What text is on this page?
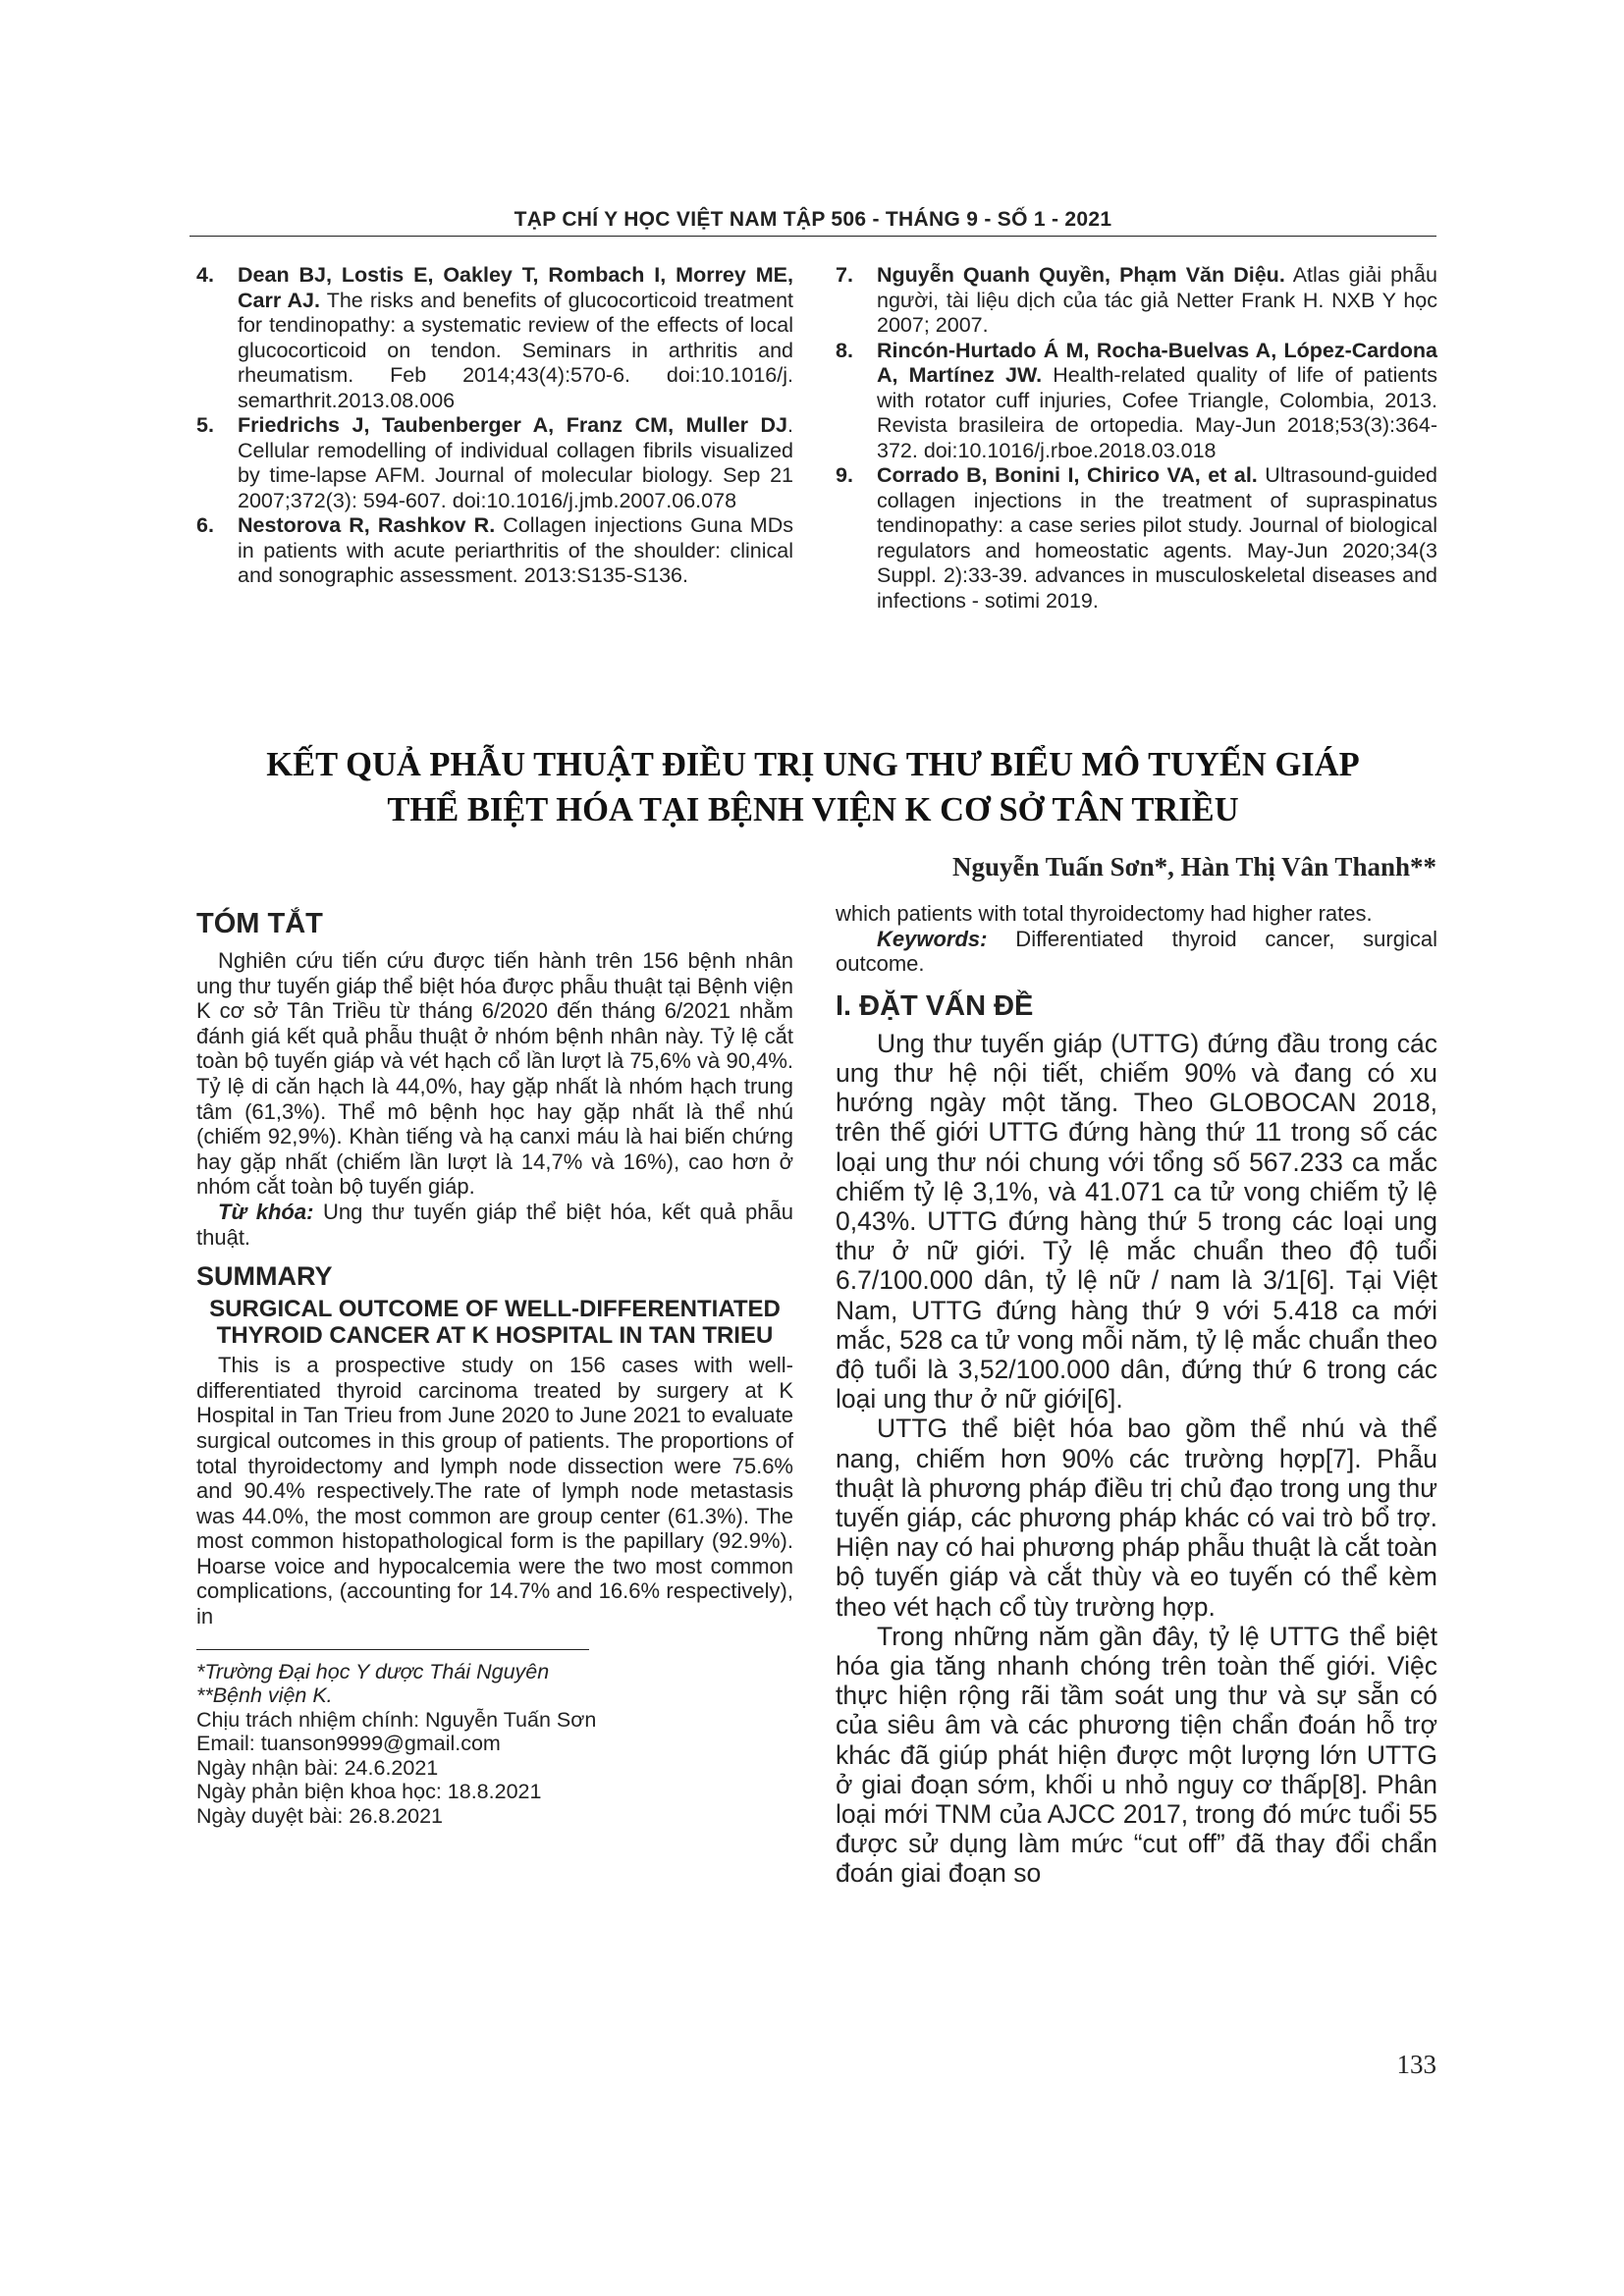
TẠP CHÍ Y HỌC VIỆT NAM TẬP 506 - THÁNG 9 - SỐ 1 - 2021
4.	Dean BJ, Lostis E, Oakley T, Rombach I, Morrey ME, Carr AJ. The risks and benefits of glucocorticoid treatment for tendinopathy: a systematic review of the effects of local glucocorticoid on tendon. Seminars in arthritis and rheumatism. Feb 2014;43(4):570-6. doi:10.1016/j. semarthrit.2013.08.006
5.	Friedrichs J, Taubenberger A, Franz CM, Muller DJ. Cellular remodelling of individual collagen fibrils visualized by time-lapse AFM. Journal of molecular biology. Sep 21 2007;372(3): 594-607. doi:10.1016/j.jmb.2007.06.078
6.	Nestorova R, Rashkov R. Collagen injections Guna MDs in patients with acute periarthritis of the shoulder: clinical and sonographic assessment. 2013:S135-S136.
7.	Nguyễn Quanh Quyền, Phạm Văn Diệu. Atlas giải phẫu người, tài liệu dịch của tác giả Netter Frank H. NXB Y học 2007; 2007.
8.	Rincón-Hurtado Á M, Rocha-Buelvas A, López-Cardona A, Martínez JW. Health-related quality of life of patients with rotator cuff injuries, Cofee Triangle, Colombia, 2013. Revista brasileira de ortopedia. May-Jun 2018;53(3):364-372. doi:10.1016/j.rboe.2018.03.018
9.	Corrado B, Bonini I, Chirico VA, et al. Ultrasound-guided collagen injections in the treatment of supraspinatus tendinopathy: a case series pilot study. Journal of biological regulators and homeostatic agents. May-Jun 2020;34(3 Suppl. 2):33-39. advances in musculoskeletal diseases and infections - sotimi 2019.
KẾT QUẢ PHẪU THUẬT ĐIỀU TRỊ UNG THƯ BIỂU MÔ TUYẾN GIÁP
THỂ BIỆT HÓA TẠI BỆNH VIỆN K CƠ SỞ TÂN TRIỀU
Nguyễn Tuấn Sơn*, Hàn Thị Vân Thanh**
TÓM TẮT

Nghiên cứu tiến cứu được tiến hành trên 156 bệnh nhân ung thư tuyến giáp thể biệt hóa được phẫu thuật tại Bệnh viện K cơ sở Tân Triều từ tháng 6/2020 đến tháng 6/2021 nhằm đánh giá kết quả phẫu thuật ở nhóm bệnh nhân này. Tỷ lệ cắt toàn bộ tuyến giáp và vét hạch cổ lần lượt là 75,6% và 90,4%. Tỷ lệ di căn hạch là 44,0%, hay gặp nhất là nhóm hạch trung tâm (61,3%). Thể mô bệnh học hay gặp nhất là thể nhú (chiếm 92,9%). Khàn tiếng và hạ canxi máu là hai biến chứng hay gặp nhất (chiếm lần lượt là 14,7% và 16%), cao hơn ở nhóm cắt toàn bộ tuyến giáp.

Từ khóa: Ung thư tuyến giáp thể biệt hóa, kết quả phẫu thuật.

SUMMARY
SURGICAL OUTCOME OF WELL-DIFFERENTIATED THYROID CANCER AT K HOSPITAL IN TAN TRIEU

This is a prospective study on 156 cases with well-differentiated thyroid carcinoma treated by surgery at K Hospital in Tan Trieu from June 2020 to June 2021 to evaluate surgical outcomes in this group of patients. The proportions of total thyroidectomy and lymph node dissection were 75.6% and 90.4% respectively.The rate of lymph node metastasis was 44.0%, the most common are group center (61.3%). The most common histopathological form is the papillary (92.9%). Hoarse voice and hypocalcemia were the two most common complications, (accounting for 14.7% and 16.6% respectively), in

*Trường Đại học Y dược Thái Nguyên

**Bệnh viện K.

Chịu trách nhiệm chính: Nguyễn Tuấn Sơn

Email: tuanson9999@gmail.com

Ngày nhận bài: 24.6.2021

Ngày phản biện khoa học: 18.8.2021

Ngày duyệt bài: 26.8.2021

which patients with total thyroidectomy had higher rates.

Keywords: Differentiated thyroid cancer, surgical outcome.

I. ĐẶT VẤN ĐỀ

Ung thư tuyến giáp (UTTG) đứng đầu trong các ung thư hệ nội tiết, chiếm 90% và đang có xu hướng ngày một tăng. Theo GLOBOCAN 2018, trên thế giới UTTG đứng hàng thứ 11 trong số các loại ung thư nói chung với tổng số 567.233 ca mắc chiếm tỷ lệ 3,1%, và 41.071 ca tử vong chiếm tỷ lệ 0,43%. UTTG đứng hàng thứ 5 trong các loại ung thư ở nữ giới. Tỷ lệ mắc chuẩn theo độ tuổi 6.7/100.000 dân, tỷ lệ nữ / nam là 3/1[6]. Tại Việt Nam, UTTG đứng hàng thứ 9 với 5.418 ca mới mắc, 528 ca tử vong mỗi năm, tỷ lệ mắc chuẩn theo độ tuổi là 3,52/100.000 dân, đứng thứ 6 trong các loại ung thư ở nữ giới[6].

UTTG thể biệt hóa bao gồm thể nhú và thể nang, chiếm hơn 90% các trường hợp[7]. Phẫu thuật là phương pháp điều trị chủ đạo trong ung thư tuyến giáp, các phương pháp khác có vai trò bổ trợ. Hiện nay có hai phương pháp phẫu thuật là cắt toàn bộ tuyến giáp và cắt thùy và eo tuyến có thể kèm theo vét hạch cổ tùy trường hợp.

Trong những năm gần đây, tỷ lệ UTTG thể biệt hóa gia tăng nhanh chóng trên toàn thế giới. Việc thực hiện rộng rãi tầm soát ung thư và sự sẵn có của siêu âm và các phương tiện chẩn đoán hỗ trợ khác đã giúp phát hiện được một lượng lớn UTTG ở giai đoạn sớm, khối u nhỏ nguy cơ thấp[8]. Phân loại mới TNM của AJCC 2017, trong đó mức tuổi 55 được sử dụng làm mức “cut off” đã thay đổi chẩn đoán giai đoạn so

133
